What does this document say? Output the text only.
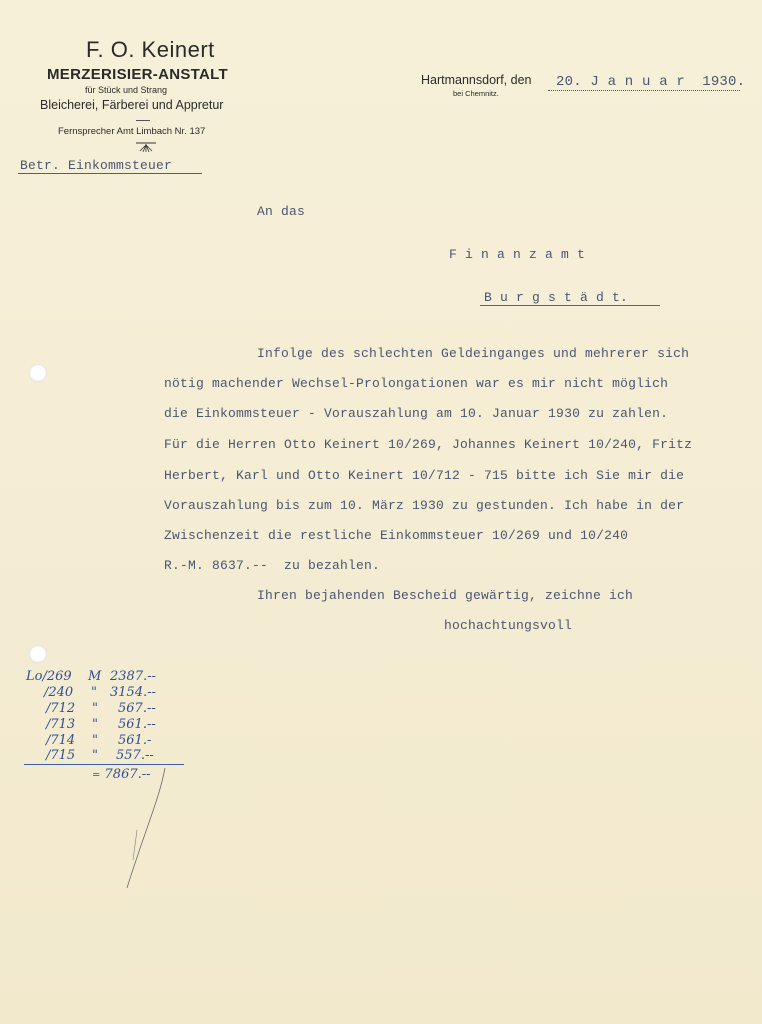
F. O. Keinert
MERZERISIER-ANSTALT
für Stück und Strang
Bleicherei, Färberei und Appretur
Fernsprecher Amt Limbach Nr. 137
Hartmannsdorf, den
bei Chemnitz.
20. J a n u a r  1930.
Betr. Einkommsteuer
An das
F i n a n z a m t
B u r g s t ä d t.
Infolge des schlechten Geldeinganges und mehrerer sich
nötig machender Wechsel-Prolongationen war es mir nicht möglich
die Einkommsteuer - Vorauszahlung am 10. Januar 1930 zu zahlen.
Für die Herren Otto Keinert 10/269, Johannes Keinert 10/240, Fritz
Herbert, Karl und Otto Keinert 10/712 - 715 bitte ich Sie mir die
Vorauszahlung bis zum 10. März 1930 zu gestunden. Ich habe in der
Zwischenzeit die restliche Einkommsteuer 10/269 und 10/240
R.-M. 8637.--  zu bezahlen.
Ihren bejahenden Bescheid gewärtig, zeichne ich
hochachtungsvoll
Lo/269 M 2387.--
/240 " 3154.--
/712 " 567.--
/713 " 561.--
/714 " 561.-
/715 " 557.--
= 7867.--
